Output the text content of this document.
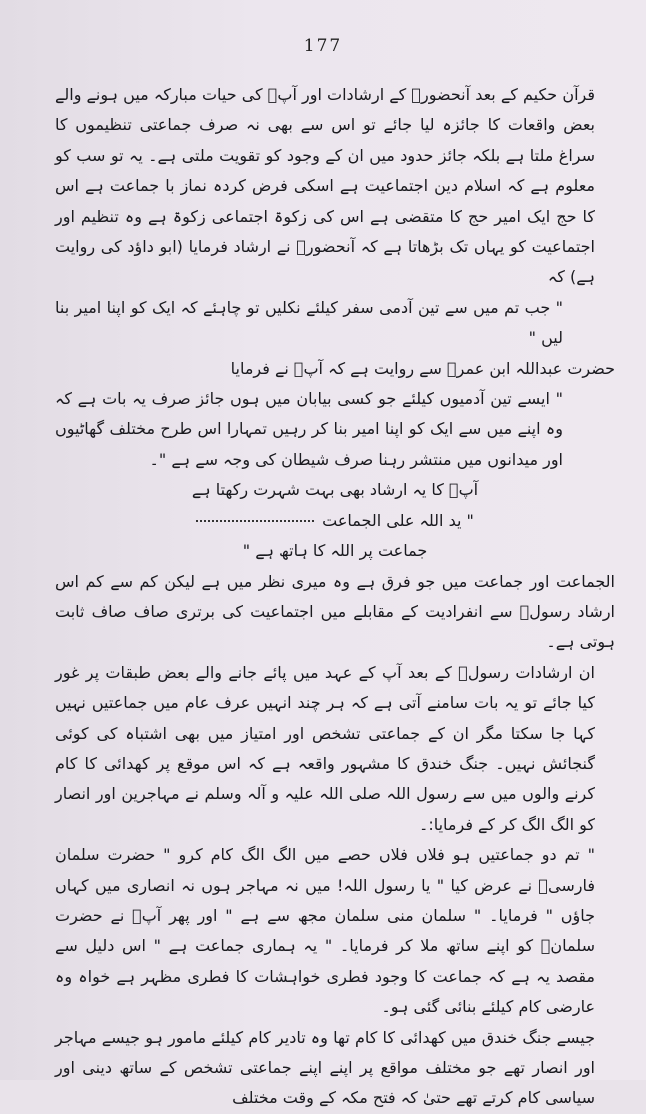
177

قرآن حکیم کے بعد آنحضورؐ کے ارشادات اور آپؐ کی حیات مبارکہ میں ہونے والے بعض واقعات کا جائزہ لیا جائے تو اس سے بھی نہ صرف جماعتی تنظیموں کا سراغ ملتا ہے بلکہ جائز حدود میں ان کے وجود کو تقویت ملتی ہے۔ یہ تو سب کو معلوم ہے کہ اسلام دین اجتماعیت ہے اسکی فرض کردہ نماز با جماعت ہے اس کا حج ایک امیر حج کا متقضی ہے اس کی زکوۃ اجتماعی زکوۃ ہے وہ تنظیم اور اجتماعیت کو یہاں تک بڑھاتا ہے کہ آنحضورؐ نے ارشاد فرمایا (ابو داؤد کی روایت ہے) کہ

" جب تم میں سے تین آدمی سفر کیلئے نکلیں تو چاہئے کہ ایک کو اپنا امیر بنا لیں "

حضرت عبداللہ ابن عمرؓ سے روایت ہے کہ آپؐ نے فرمایا

" ایسے تین آدمیوں کیلئے جو کسی بیابان میں ہوں جائز صرف یہ بات ہے کہ وہ اپنے میں سے ایک کو اپنا امیر بنا کر رہیں تمہارا اس طرح مختلف گھاٹیوں اور میدانوں میں منتشر رہنا صرف شیطان کی وجہ سے ہے "۔

آپؐ کا یہ ارشاد بھی بہت شہرت رکھتا ہے

" ید اللہ علی الجماعت

جماعت پر اللہ کا ہاتھ ہے "

الجماعت اور جماعت میں جو فرق ہے وہ میری نظر میں ہے لیکن کم سے کم اس ارشاد رسولؐ سے انفرادیت کے مقابلے میں اجتماعیت کی برتری صاف صاف ثابت ہوتی ہے۔

ان ارشادات رسولؐ کے بعد آپ کے عہد میں پائے جانے والے بعض طبقات پر غور کیا جائے تو یہ بات سامنے آتی ہے کہ ہر چند انہیں عرف عام میں جماعتیں نہیں کہا جا سکتا مگر ان کے جماعتی تشخص اور امتیاز میں بھی اشتباہ کی کوئی گنجائش نہیں۔ جنگ خندق کا مشہور واقعہ ہے کہ اس موقع پر کھدائی کا کام کرنے والوں میں سے رسول اللہ صلی اللہ علیہ و آلہ وسلم نے مہاجرین اور انصار کو الگ الگ کر کے فرمایا:۔

" تم دو جماعتیں ہو فلاں فلاں حصے میں الگ الگ کام کرو " حضرت سلمان فارسیؓ نے عرض کیا " یا رسول اللہ! میں نہ مہاجر ہوں نہ انصاری میں کہاں جاؤں " فرمایا۔ " سلمان منی سلمان مجھ سے ہے " اور پھر آپؐ نے حضرت سلمانؓ کو اپنے ساتھ ملا کر فرمایا۔ " یہ ہماری جماعت ہے " اس دلیل سے مقصد یہ ہے کہ جماعت کا وجود فطری خواہشات کا فطری مظہر ہے خواہ وہ عارضی کام کیلئے بنائی گئی ہو۔

جیسے جنگ خندق میں کھدائی کا کام تھا وہ تادیر کام کیلئے مامور ہو جیسے مہاجر اور انصار تھے جو مختلف مواقع پر اپنے اپنے جماعتی تشخص کے ساتھ دینی اور سیاسی کام کرتے تھے حتیٰ کہ فتح مکہ کے وقت مختلف
